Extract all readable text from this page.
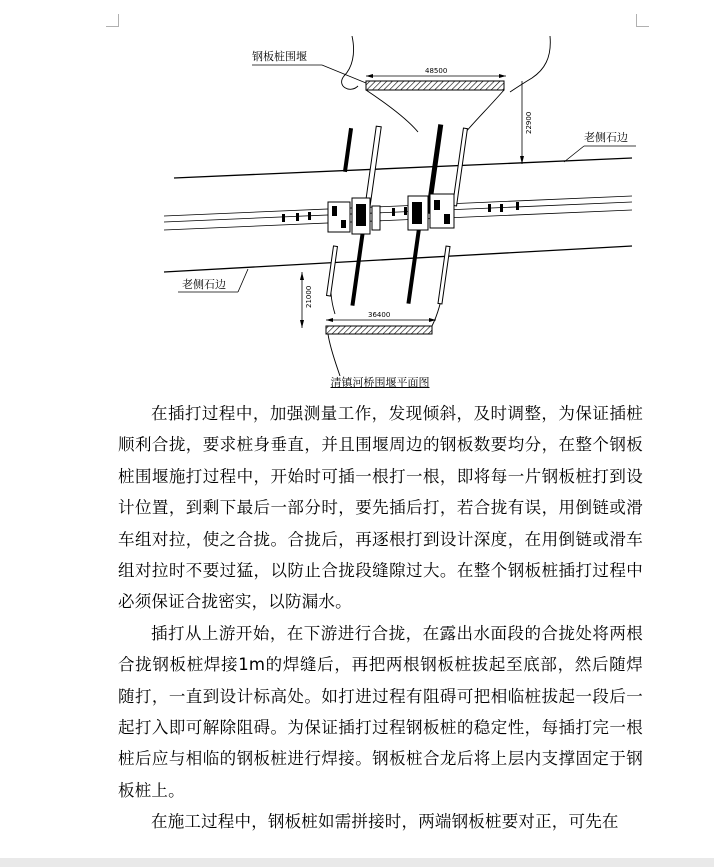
48500
钢板桩围堰
22900
老侧石边
老侧石边
21000
36400
清镇河桥围堰平面图

在插打过程中，加强测量工作，发现倾斜，及时调整，为保证插桩顺利合拢，要求桩身垂直，并且围堰周边的钢板数要均分，在整个钢板桩围堰施打过程中，开始时可插一根打一根，即将每一片钢板桩打到设计位置，到剩下最后一部分时，要先插后打，若合拢有误，用倒链或滑车组对拉，使之合拢。合拢后，再逐根打到设计深度，在用倒链或滑车组对拉时不要过猛，以防止合拢段缝隙过大。在整个钢板桩插打过程中必须保证合拢密实，以防漏水。

插打从上游开始，在下游进行合拢，在露出水面段的合拢处将两根合拢钢板桩焊接1m的焊缝后，再把两根钢板桩拔起至底部，然后随焊随打，一直到设计标高处。如打进过程有阻碍可把相临桩拔起一段后一起打入即可解除阻碍。为保证插打过程钢板桩的稳定性，每插打完一根桩后应与相临的钢板桩进行焊接。钢板桩合龙后将上层内支撑固定于钢板桩上。

在施工过程中，钢板桩如需拼接时，两端钢板桩要对正，可先在
